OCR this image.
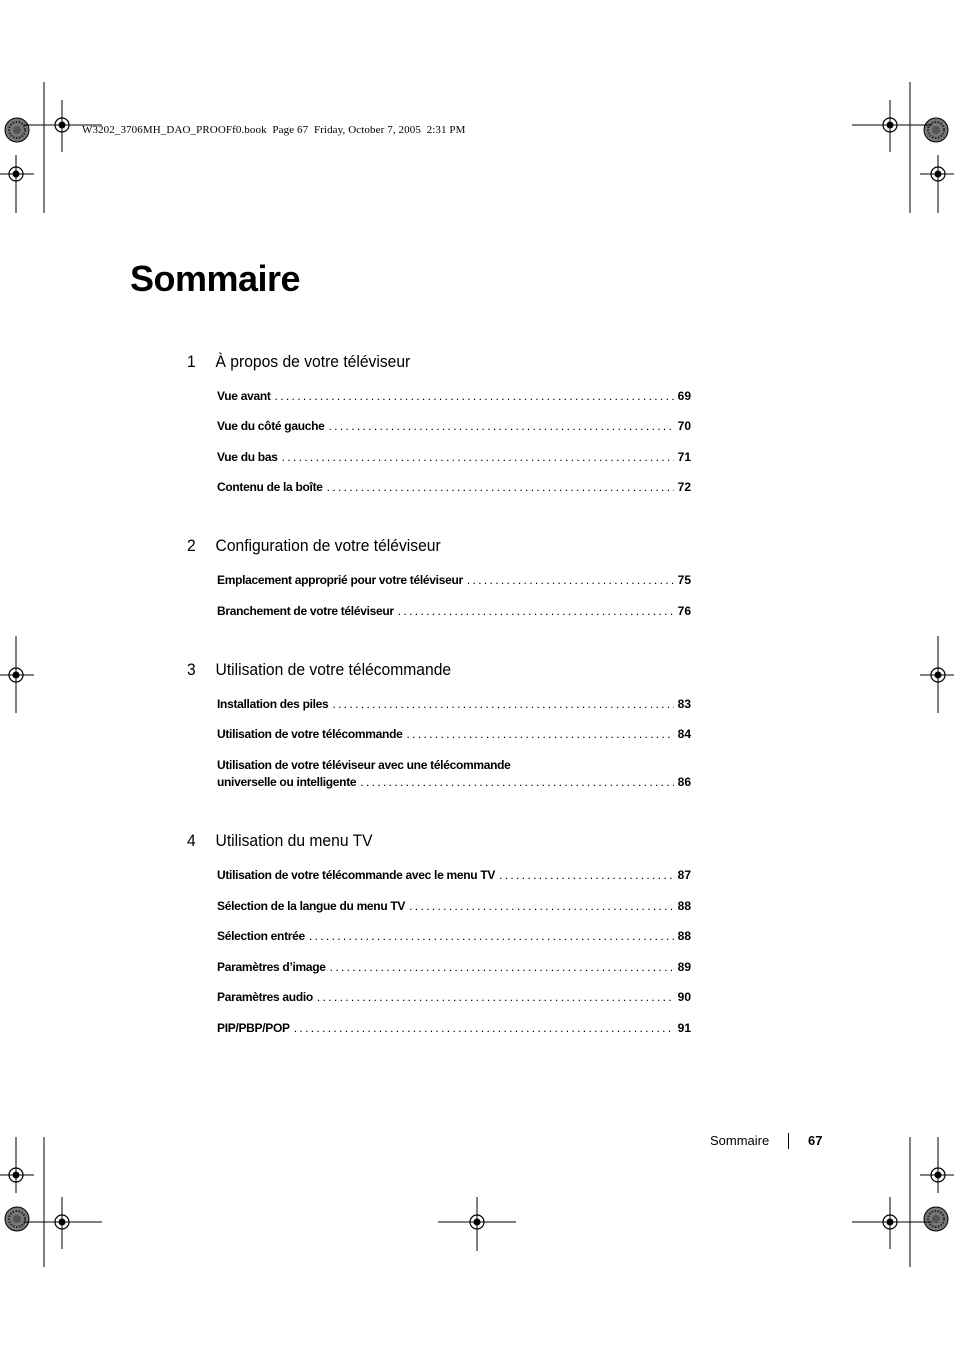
W3202_3706MH_DAO_PROOFf0.book  Page 67  Friday, October 7, 2005  2:31 PM
Sommaire
1 À propos de votre téléviseur
Vue avant . . .	69
Vue du côté gauche . . .	70
Vue du bas . . .	71
Contenu de la boîte . . .	72
2 Configuration de votre téléviseur
Emplacement approprié pour votre téléviseur . . .	75
Branchement de votre téléviseur . . .	76
3 Utilisation de votre télécommande
Installation des piles . . .	83
Utilisation de votre télécommande . . .	84
Utilisation de votre téléviseur avec une télécommande
universelle ou intelligente . . .	86
4 Utilisation du menu TV
Utilisation de votre télécommande avec le menu TV . . .	87
Sélection de la langue du menu TV . . .	88
Sélection entrée . . .	88
Paramètres d’image . . .	89
Paramètres audio . . .	90
PIP/PBP/POP . . .	91
Sommaire	67
